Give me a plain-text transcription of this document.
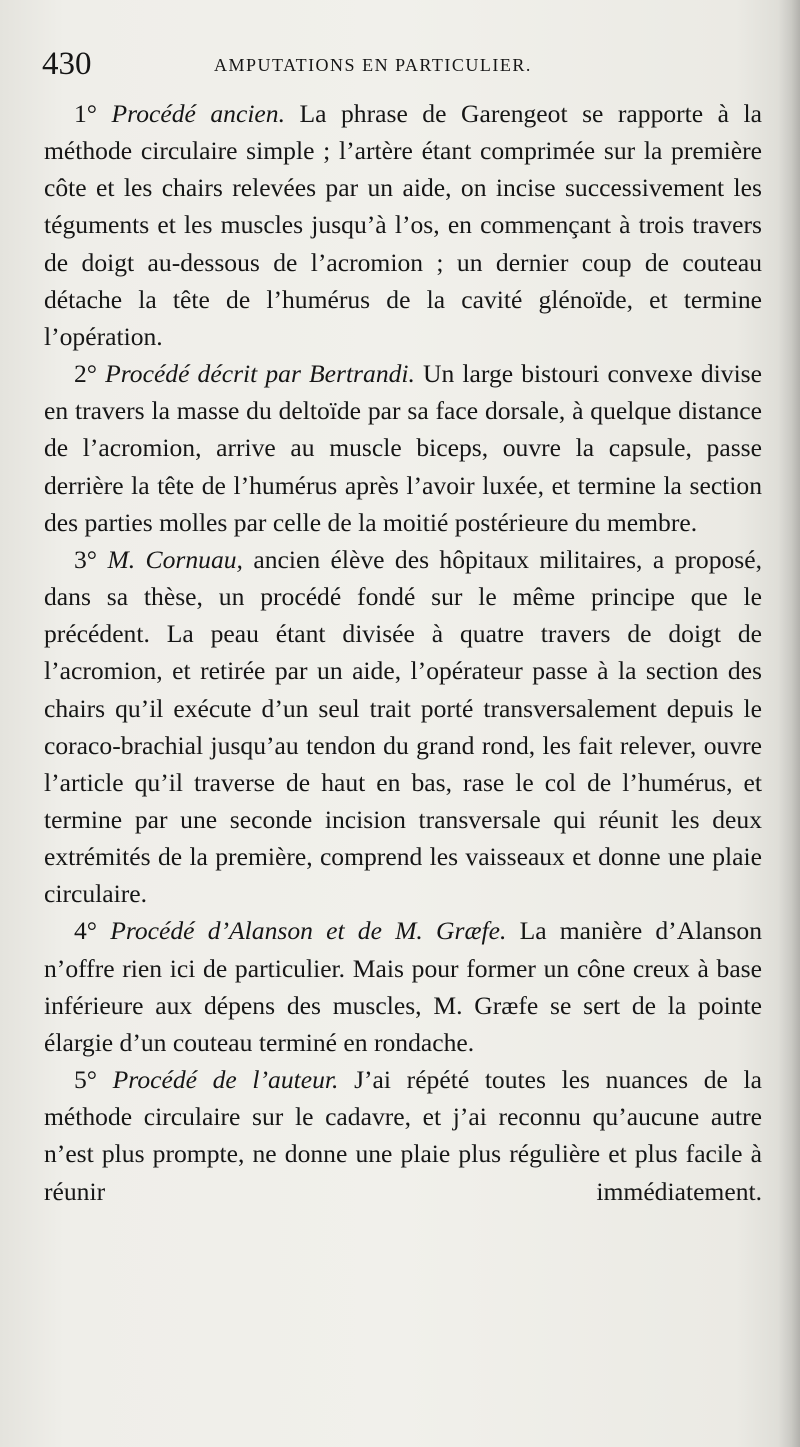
430	AMPUTATIONS EN PARTICULIER.

1° Procédé ancien. La phrase de Garengeot se rapporte à la méthode circulaire simple ; l’artère étant comprimée sur la première côte et les chairs relevées par un aide, on incise successivement les téguments et les muscles jusqu’à l’os, en commençant à trois travers de doigt au-dessous de l’acromion ; un dernier coup de couteau détache la tête de l’humérus de la cavité glénoïde, et termine l’opération.

2° Procédé décrit par Bertrandi. Un large bistouri convexe divise en travers la masse du deltoïde par sa face dorsale, à quelque distance de l’acromion, arrive au muscle biceps, ouvre la capsule, passe derrière la tête de l’humérus après l’avoir luxée, et termine la section des parties molles par celle de la moitié postérieure du membre.

3° M. Cornuau, ancien élève des hôpitaux militaires, a proposé, dans sa thèse, un procédé fondé sur le même principe que le précédent. La peau étant divisée à quatre travers de doigt de l’acromion, et retirée par un aide, l’opérateur passe à la section des chairs qu’il exécute d’un seul trait porté transversalement depuis le coraco-brachial jusqu’au tendon du grand rond, les fait relever, ouvre l’article qu’il traverse de haut en bas, rase le col de l’humérus, et termine par une seconde incision transversale qui réunit les deux extrémités de la première, comprend les vaisseaux et donne une plaie circulaire.

4° Procédé d’Alanson et de M. Græfe. La manière d’Alanson n’offre rien ici de particulier. Mais pour former un cône creux à base inférieure aux dépens des muscles, M. Græfe se sert de la pointe élargie d’un couteau terminé en rondache.

5° Procédé de l’auteur. J’ai répété toutes les nuances de la méthode circulaire sur le cadavre, et j’ai reconnu qu’aucune autre n’est plus prompte, ne donne une plaie plus régulière et plus facile à réunir immédiatement.
